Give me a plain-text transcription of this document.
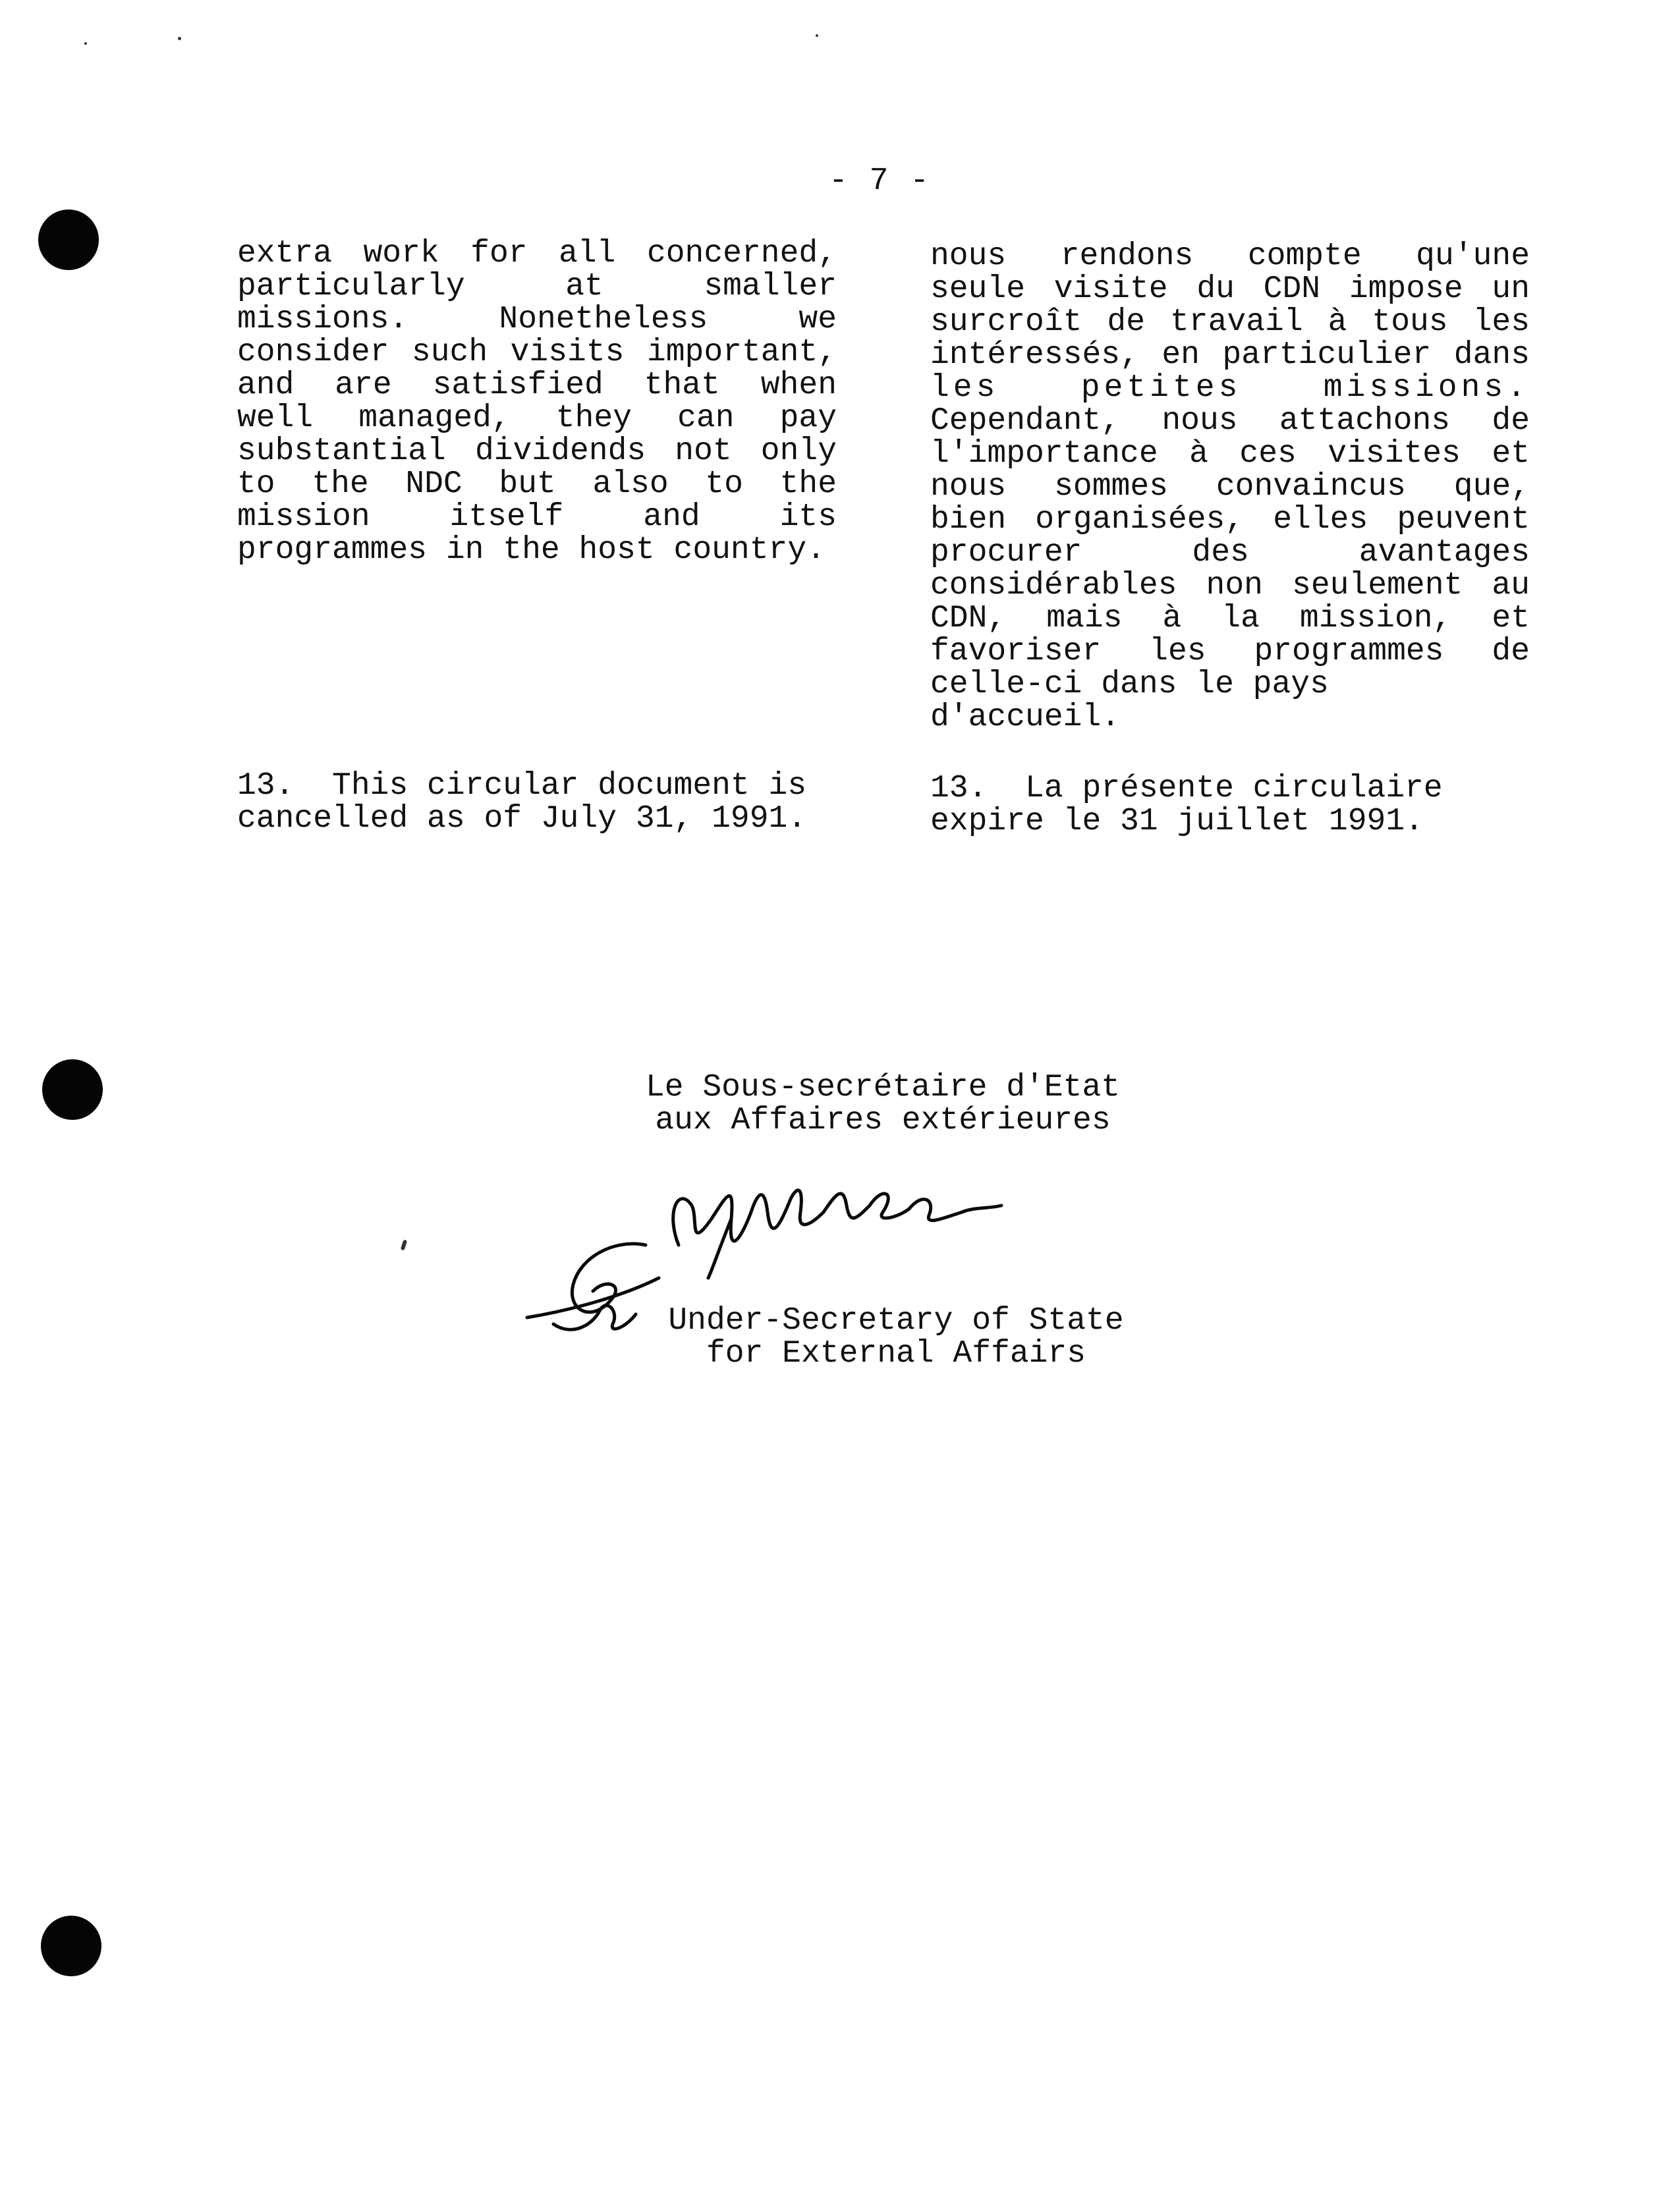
- 7 -
extra work for all concerned,
particularly     at     smaller
missions.    Nonetheless    we
consider such visits important,
and are satisfied that when
well managed, they can pay
substantial dividends not only
to the NDC but also to the
mission itself and its
programmes in the host country.
nous rendons compte qu'une
seule visite du CDN impose un
surcroît de travail à tous les
intéressés, en particulier dans
les petites missions.
Cependant, nous attachons de
l'importance à ces visites et
nous sommes convaincus que,
bien organisées, elles peuvent
procurer des avantages
considérables non seulement au
CDN, mais à la mission, et
favoriser les programmes de
celle-ci dans le pays
d'accueil.
13.  This circular document is
cancelled as of July 31, 1991.
13.  La présente circulaire
expire le 31 juillet 1991.
Le Sous-secrétaire d'Etat
aux Affaires extérieures
Under-Secretary of State
for External Affairs
